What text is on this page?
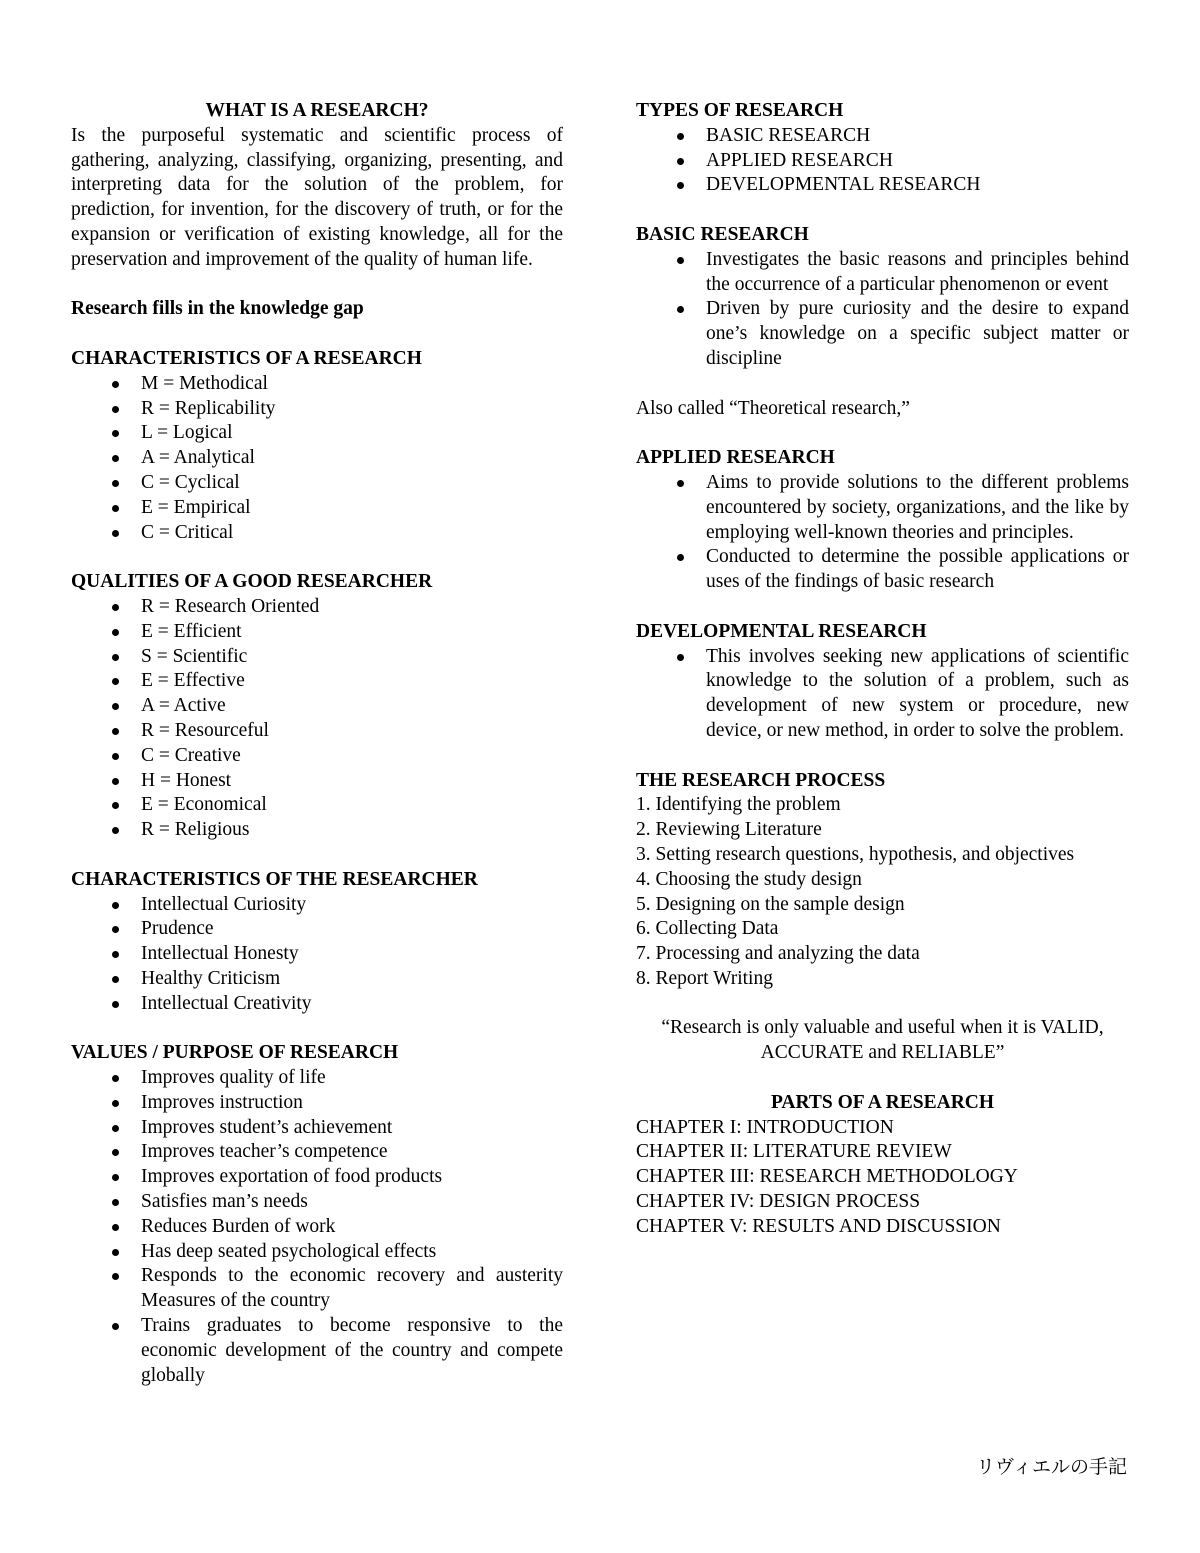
WHAT IS A RESEARCH?

Is the purposeful systematic and scientific process of gathering, analyzing, classifying, organizing, presenting, and interpreting data for the solution of the problem, for prediction, for invention, for the discovery of truth, or for the expansion or verification of existing knowledge, all for the preservation and improvement of the quality of human life.

Research fills in the knowledge gap

CHARACTERISTICS OF A RESEARCH

M = Methodical
R = Replicability
L = Logical
A = Analytical
C = Cyclical
E = Empirical
C = Critical

QUALITIES OF A GOOD RESEARCHER

R = Research Oriented
E = Efficient
S = Scientific
E = Effective
A = Active
R = Resourceful
C = Creative
H = Honest
E = Economical
R = Religious

CHARACTERISTICS OF THE RESEARCHER

Intellectual Curiosity
Prudence
Intellectual Honesty
Healthy Criticism
Intellectual Creativity

VALUES / PURPOSE OF RESEARCH

Improves quality of life
Improves instruction
Improves student’s achievement
Improves teacher’s competence
Improves exportation of food products
Satisfies man’s needs
Reduces Burden of work
Has deep seated psychological effects
Responds to the economic recovery and austerity Measures of the country
Trains graduates to become responsive to the economic development of the country and compete globally

TYPES OF RESEARCH

BASIC RESEARCH
APPLIED RESEARCH
DEVELOPMENTAL RESEARCH

BASIC RESEARCH

Investigates the basic reasons and principles behind the occurrence of a particular phenomenon or event
Driven by pure curiosity and the desire to expand one’s knowledge on a specific subject matter or discipline

Also called “Theoretical research,”

APPLIED RESEARCH

Aims to provide solutions to the different problems encountered by society, organizations, and the like by employing well-known theories and principles.
Conducted to determine the possible applications or uses of the findings of basic research

DEVELOPMENTAL RESEARCH

This involves seeking new applications of scientific knowledge to the solution of a problem, such as development of new system or procedure, new device, or new method, in order to solve the problem.

THE RESEARCH PROCESS

1. Identifying the problem

2. Reviewing Literature

3. Setting research questions, hypothesis, and objectives

4. Choosing the study design

5. Designing on the sample design

6. Collecting Data

7. Processing and analyzing the data

8. Report Writing

“Research is only valuable and useful when it is VALID, ACCURATE and RELIABLE”

PARTS OF A RESEARCH

CHAPTER I: INTRODUCTION

CHAPTER II: LITERATURE REVIEW

CHAPTER III: RESEARCH METHODOLOGY

CHAPTER IV: DESIGN PROCESS

CHAPTER V: RESULTS AND DISCUSSION

リヴィエルの手記
